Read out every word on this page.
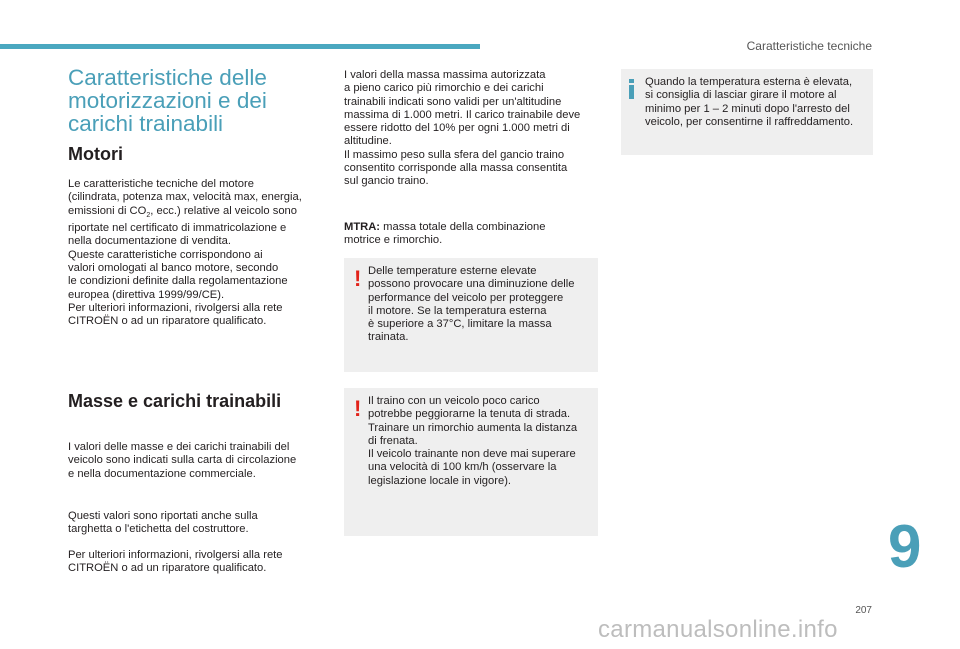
Caratteristiche tecniche
Caratteristiche delle
motorizzazioni e dei
carichi trainabili
Motori

Le caratteristiche tecniche del motore
(cilindrata, potenza max, velocità max, energia,
emissioni di $CO_2$, ecc.) relative al veicolo sono
riportate nel certificato di immatricolazione e
nella documentazione di vendita.
Queste caratteristiche corrispondono ai
valori omologati al banco motore, secondo
le condizioni definite dalla regolamentazione
europea (direttiva 1999/99/CE).
Per ulteriori informazioni, rivolgersi alla rete
CITROËN o ad un riparatore qualificato.

Masse e carichi trainabili

I valori delle masse e dei carichi trainabili del
veicolo sono indicati sulla carta di circolazione
e nella documentazione commerciale.

Questi valori sono riportati anche sulla
targhetta o l'etichetta del costruttore.

Per ulteriori informazioni, rivolgersi alla rete
CITROËN o ad un riparatore qualificato.

I valori della massa massima autorizzata
a pieno carico più rimorchio e dei carichi
trainabili indicati sono validi per un'altitudine
massima di 1.000 metri. Il carico trainabile deve
essere ridotto del 10% per ogni 1.000 metri di
altitudine.
Il massimo peso sulla sfera del gancio traino
consentito corrisponde alla massa consentita
sul gancio traino.

MTRA: massa totale della combinazione
motrice e rimorchio.

! Delle temperature esterne elevate
possono provocare una diminuzione delle
performance del veicolo per proteggere
il motore. Se la temperatura esterna
è superiore a 37°C, limitare la massa
trainata.

! Il traino con un veicolo poco carico
potrebbe peggiorarne la tenuta di strada.
Trainare un rimorchio aumenta la distanza
di frenata.
Il veicolo trainante non deve mai superare
una velocità di 100 km/h (osservare la
legislazione locale in vigore).

Quando la temperatura esterna è elevata,
si consiglia di lasciar girare il motore al
minimo per 1 – 2 minuti dopo l'arresto del
veicolo, per consentirne il raffreddamento.

9
207
carmanualsonline.info
